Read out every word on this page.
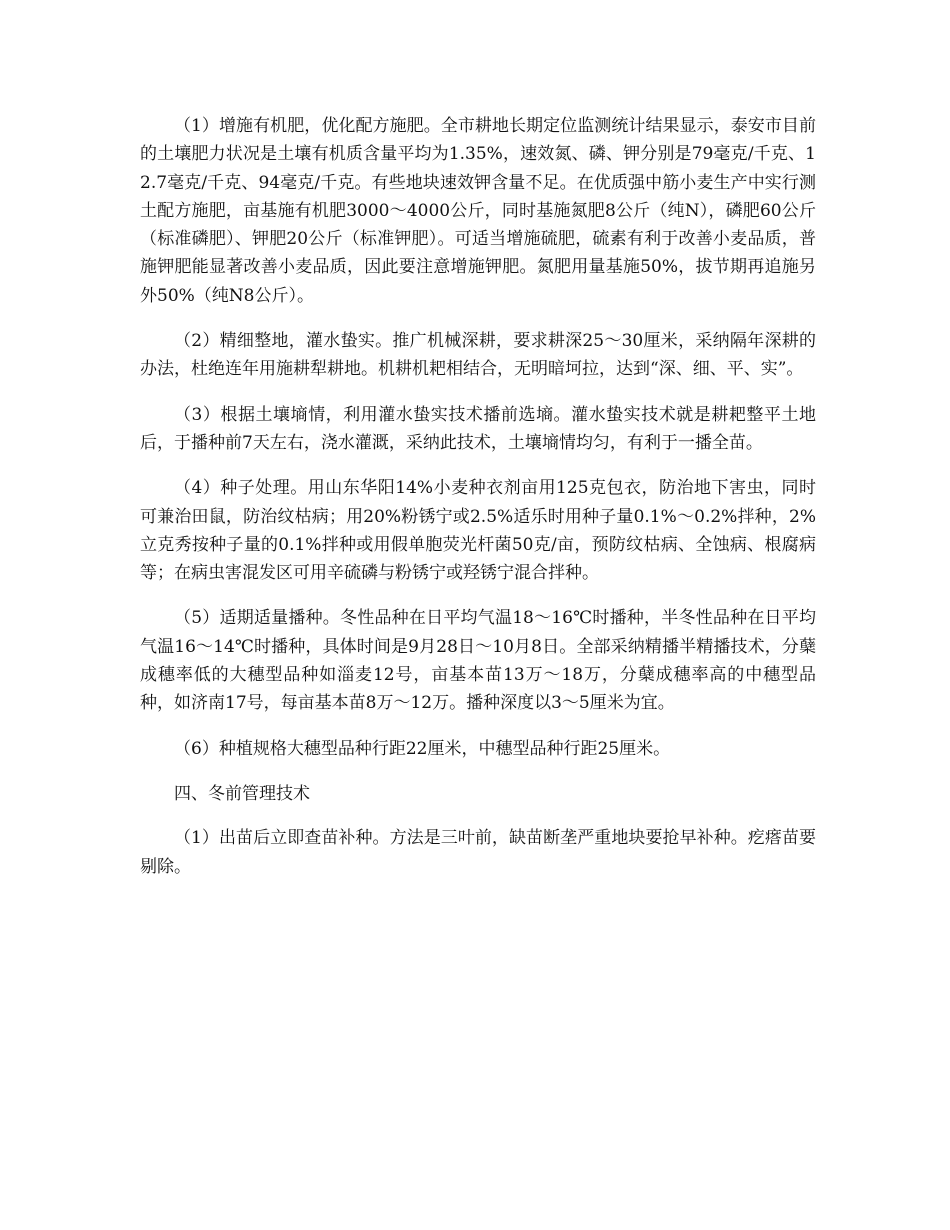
（1）增施有机肥，优化配方施肥。全市耕地长期定位监测统计结果显示，泰安市目前的土壤肥力状况是土壤有机质含量平均为1.35%，速效氮、磷、钾分别是79毫克/千克、12.7毫克/千克、94毫克/千克。有些地块速效钾含量不足。在优质强中筋小麦生产中实行测土配方施肥，亩基施有机肥3000～4000公斤，同时基施氮肥8公斤（纯N），磷肥60公斤（标准磷肥）、钾肥20公斤（标准钾肥）。可适当增施硫肥，硫素有利于改善小麦品质，普施钾肥能显著改善小麦品质，因此要注意增施钾肥。氮肥用量基施50%，拔节期再追施另外50%（纯N8公斤）。

（2）精细整地，灌水蛰实。推广机械深耕，要求耕深25～30厘米，采纳隔年深耕的办法，杜绝连年用施耕犁耕地。机耕机耙相结合，无明暗坷拉，达到“深、细、平、实”。

（3）根据土壤墒情，利用灌水蛰实技术播前选墒。灌水蛰实技术就是耕耙整平土地后，于播种前7天左右，浇水灌溉，采纳此技术，土壤墒情均匀，有利于一播全苗。

（4）种子处理。用山东华阳14%小麦种衣剂亩用125克包衣，防治地下害虫，同时可兼治田鼠，防治纹枯病；用20%粉锈宁或2.5%适乐时用种子量0.1%～0.2%拌种，2%立克秀按种子量的0.1%拌种或用假单胞荧光杆菌50克/亩，预防纹枯病、全蚀病、根腐病等；在病虫害混发区可用辛硫磷与粉锈宁或羟锈宁混合拌种。

（5）适期适量播种。冬性品种在日平均气温18～16℃时播种，半冬性品种在日平均气温16～14℃时播种，具体时间是9月28日～10月8日。全部采纳精播半精播技术，分蘖成穗率低的大穗型品种如淄麦12号，亩基本苗13万～18万，分蘖成穗率高的中穗型品种，如济南17号，每亩基本苗8万～12万。播种深度以3～5厘米为宜。

（6）种植规格大穗型品种行距22厘米，中穗型品种行距25厘米。

四、冬前管理技术

（1）出苗后立即查苗补种。方法是三叶前，缺苗断垄严重地块要抢早补种。疙瘩苗要剔除。
